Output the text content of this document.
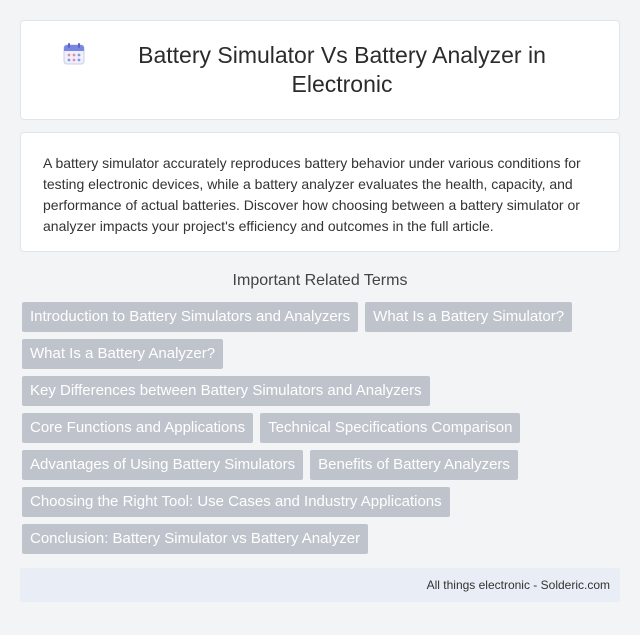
Battery Simulator Vs Battery Analyzer in Electronic

A battery simulator accurately reproduces battery behavior under various conditions for testing electronic devices, while a battery analyzer evaluates the health, capacity, and performance of actual batteries. Discover how choosing between a battery simulator or analyzer impacts your project's efficiency and outcomes in the full article.

Important Related Terms
Introduction to Battery Simulators and Analyzers	What Is a Battery Simulator?
What Is a Battery Analyzer?
Key Differences between Battery Simulators and Analyzers
Core Functions and Applications	Technical Specifications Comparison
Advantages of Using Battery Simulators	Benefits of Battery Analyzers
Choosing the Right Tool: Use Cases and Industry Applications
Conclusion: Battery Simulator vs Battery Analyzer
All things electronic - Solderic.com
